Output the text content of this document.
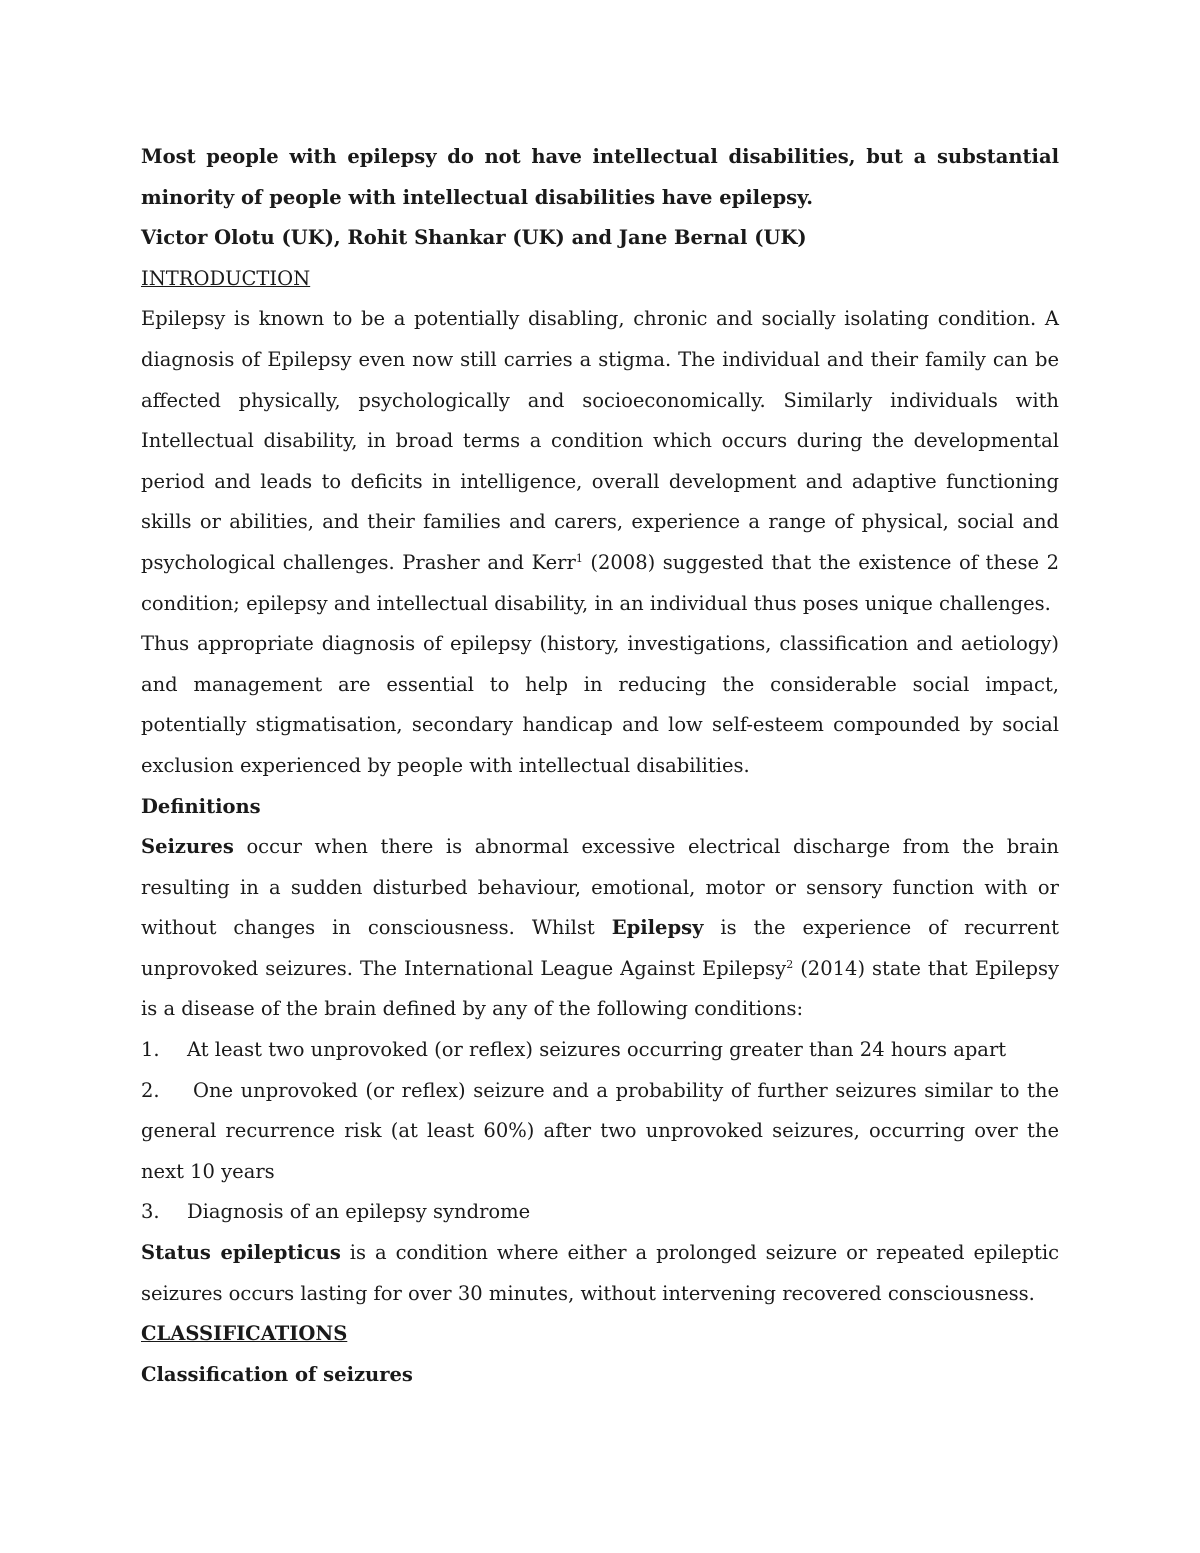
Most people with epilepsy do not have intellectual disabilities, but a substantial minority of people with intellectual disabilities have epilepsy.

Victor Olotu (UK), Rohit Shankar (UK) and Jane Bernal (UK)

INTRODUCTION

Epilepsy is known to be a potentially disabling, chronic and socially isolating condition. A diagnosis of Epilepsy even now still carries a stigma. The individual and their family can be affected physically, psychologically and socioeconomically. Similarly individuals with Intellectual disability, in broad terms a condition which occurs during the developmental period and leads to deficits in intelligence, overall development and adaptive functioning skills or abilities, and their families and carers, experience a range of physical, social and psychological challenges. Prasher and Kerr$^1$ (2008) suggested that the existence of these 2 condition; epilepsy and intellectual disability, in an individual thus poses unique challenges.

Thus appropriate diagnosis of epilepsy (history, investigations, classification and aetiology) and management are essential to help in reducing the considerable social impact, potentially stigmatisation, secondary handicap and low self-esteem compounded by social exclusion experienced by people with intellectual disabilities.

Definitions

Seizures occur when there is abnormal excessive electrical discharge from the brain resulting in a sudden disturbed behaviour, emotional, motor or sensory function with or without changes in consciousness. Whilst Epilepsy is the experience of recurrent unprovoked seizures. The International League Against Epilepsy$^2$ (2014) state that Epilepsy is a disease of the brain defined by any of the following conditions:

1.	At least two unprovoked (or reflex) seizures occurring greater than 24 hours apart
2. One unprovoked (or reflex) seizure and a probability of further seizures similar to the general recurrence risk (at least 60%) after two unprovoked seizures, occurring over the next 10 years
3.	Diagnosis of an epilepsy syndrome

Status epilepticus is a condition where either a prolonged seizure or repeated epileptic seizures occurs lasting for over 30 minutes, without intervening recovered consciousness.

CLASSIFICATIONS

Classification of seizures
